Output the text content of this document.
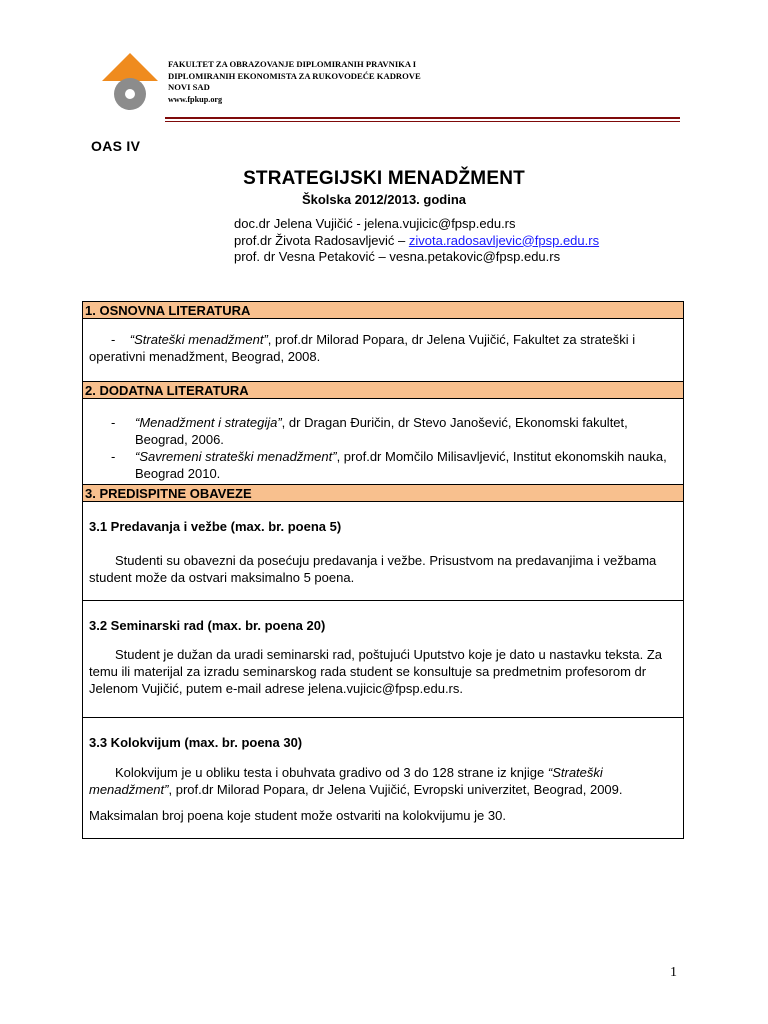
FAKULTET ZA OBRAZOVANJE DIPLOMIRANIH PRAVNIKA I
DIPLOMIRANIH EKONOMISTA ZA RUKOVODEĆE KADROVE
NOVI SAD
www.fpkup.org
OAS IV
STRATEGIJSKI MENADŽMENT
Školska 2012/2013. godina
doc.dr Jelena Vujičić - jelena.vujicic@fpsp.edu.rs
prof.dr Života Radosavljević – zivota.radosavljevic@fpsp.edu.rs
prof. dr Vesna Petaković – vesna.petakovic@fpsp.edu.rs
1. OSNOVNA LITERATURA
- “Strateški menadžment”, prof.dr Milorad Popara, dr Jelena Vujičić, Fakultet za strateški i operativni menadžment, Beograd, 2008.
2. DODATNA LITERATURA
- “Menadžment i strategija”, dr Dragan Đuričin, dr Stevo Janošević, Ekonomski fakultet, Beograd, 2006.
- “Savremeni strateški menadžment”, prof.dr Momčilo Milisavljević, Institut ekonomskih nauka, Beograd 2010.
3. PREDISPITNE OBAVEZE
3.1 Predavanja i vežbe (max. br. poena 5)
Studenti su obavezni da posećuju predavanja i vežbe. Prisustvom na predavanjima i vežbama student može da ostvari maksimalno 5 poena.
3.2 Seminarski rad (max. br. poena 20)
Student je dužan da uradi seminarski rad, poštujući Uputstvo koje je dato u nastavku teksta. Za temu ili materijal za izradu seminarskog rada student se konsultuje sa predmetnim profesorom dr Jelenom Vujičić, putem e-mail adrese jelena.vujicic@fpsp.edu.rs.
3.3 Kolokvijum (max. br. poena 30)
Kolokvijum je u obliku testa i obuhvata gradivo od 3 do 128 strane iz knjige “Strateški menadžment”, prof.dr Milorad Popara, dr Jelena Vujičić, Evropski univerzitet, Beograd, 2009.
Maksimalan broj poena koje student može ostvariti na kolokvijumu je 30.
1
